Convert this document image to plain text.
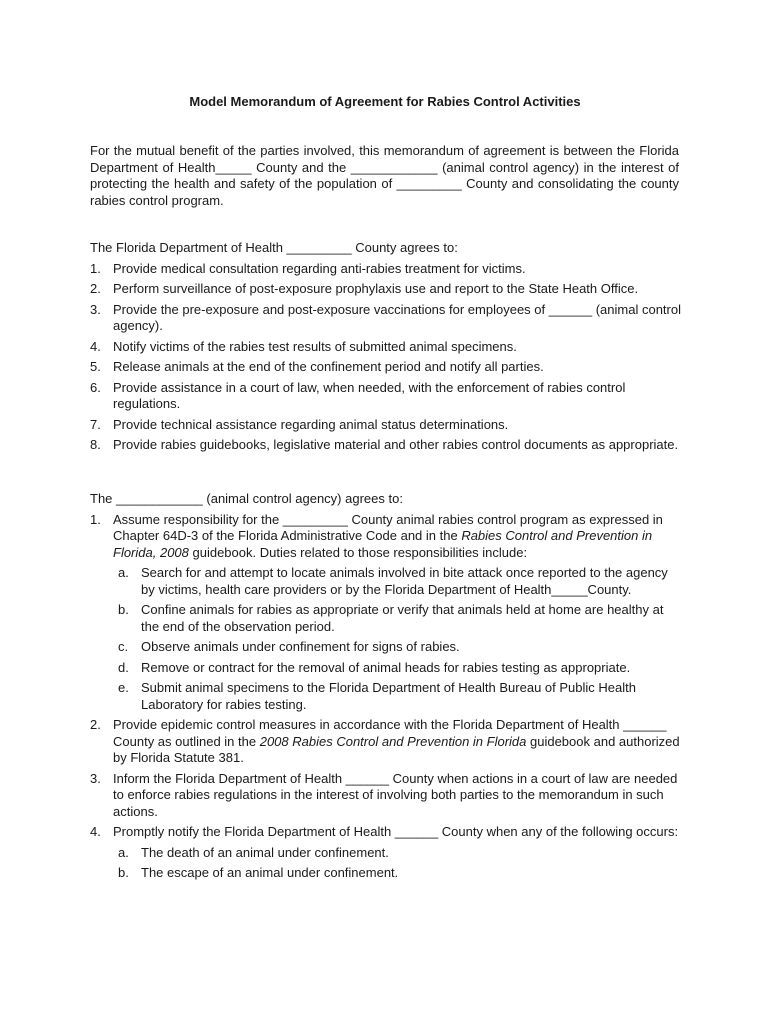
Model Memorandum of Agreement for Rabies Control Activities

For the mutual benefit of the parties involved, this memorandum of agreement is between the Florida Department of Health_____ County and the ____________ (animal control agency) in the interest of protecting the health and safety of the population of _________ County and consolidating the county rabies control program.

The Florida Department of Health _________ County agrees to:

1. Provide medical consultation regarding anti-rabies treatment for victims.
2. Perform surveillance of post-exposure prophylaxis use and report to the State Heath Office.
3. Provide the pre-exposure and post-exposure vaccinations for employees of ______ (animal control agency).
4. Notify victims of the rabies test results of submitted animal specimens.
5. Release animals at the end of the confinement period and notify all parties.
6. Provide assistance in a court of law, when needed, with the enforcement of rabies control regulations.
7. Provide technical assistance regarding animal status determinations.
8. Provide rabies guidebooks, legislative material and other rabies control documents as appropriate.

The ____________ (animal control agency) agrees to:

1. Assume responsibility for the _________ County animal rabies control program as expressed in Chapter 64D-3 of the Florida Administrative Code and in the Rabies Control and Prevention in Florida, 2008 guidebook. Duties related to those responsibilities include:
a. Search for and attempt to locate animals involved in bite attack once reported to the agency by victims, health care providers or by the Florida Department of Health_____County.
b. Confine animals for rabies as appropriate or verify that animals held at home are healthy at the end of the observation period.
c. Observe animals under confinement for signs of rabies.
d. Remove or contract for the removal of animal heads for rabies testing as appropriate.
e. Submit animal specimens to the Florida Department of Health Bureau of Public Health Laboratory for rabies testing.
2. Provide epidemic control measures in accordance with the Florida Department of Health ______ County as outlined in the 2008 Rabies Control and Prevention in Florida guidebook and authorized by Florida Statute 381.
3. Inform the Florida Department of Health ______ County when actions in a court of law are needed to enforce rabies regulations in the interest of involving both parties to the memorandum in such actions.
4. Promptly notify the Florida Department of Health ______ County when any of the following occurs:
a. The death of an animal under confinement.
b. The escape of an animal under confinement.
